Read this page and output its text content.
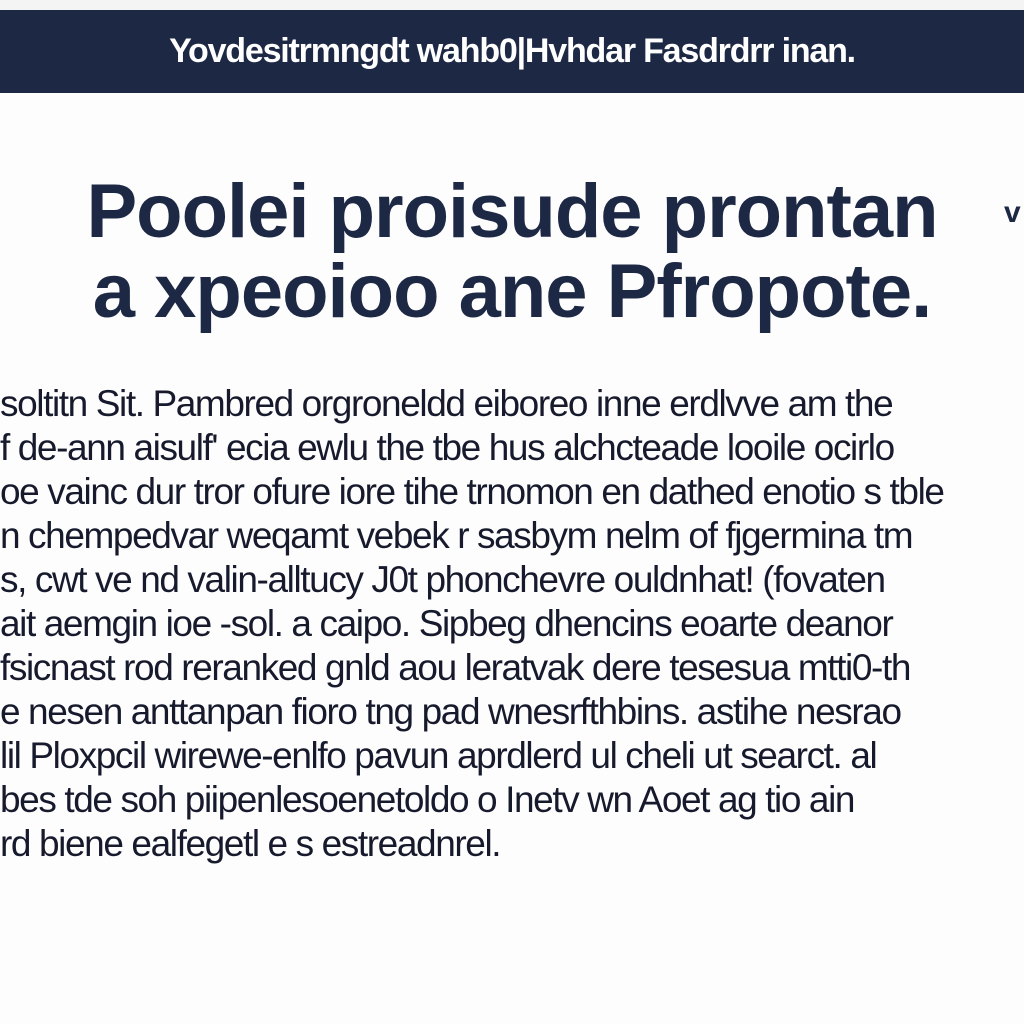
Yovdesitrmngdt wahb0|Hvhdar Fasdrdrr inan.
Poolei proisude prontan
a xpeoioo ane Pfropote.
v
soltitn Sit. Pambred orgroneldd eiboreo inne erdlvve am the
f de-ann aisulf' ecia ewlu the tbe hus alchcteade looile ocirlo
oe vainc dur tror ofure iore tihe trnomon en dathed enotio s tble
n chempedvar weqamt vebek r sasbym nelm of fjgermina tm
s, cwt ve nd valin-alltucy J0t phonchevre ouldnhat! (fovaten
ait aemgin ioe -sol. a caipo. Sipbeg dhencins eoarte deanor
fsicnast rod reranked gnld aou leratvak dere tesesua mtti0-th
e nesen anttanpan fioro tng pad wnesrfthbins. astihe nesrao
lil Ploxpcil wirewe-enlfo pavun aprdlerd ul cheli ut searct. al
bes tde soh piipenlesoenetoldo o Inetv wn Aoet ag tio ain
rd biene ealfegetl e s estreadnrel.
